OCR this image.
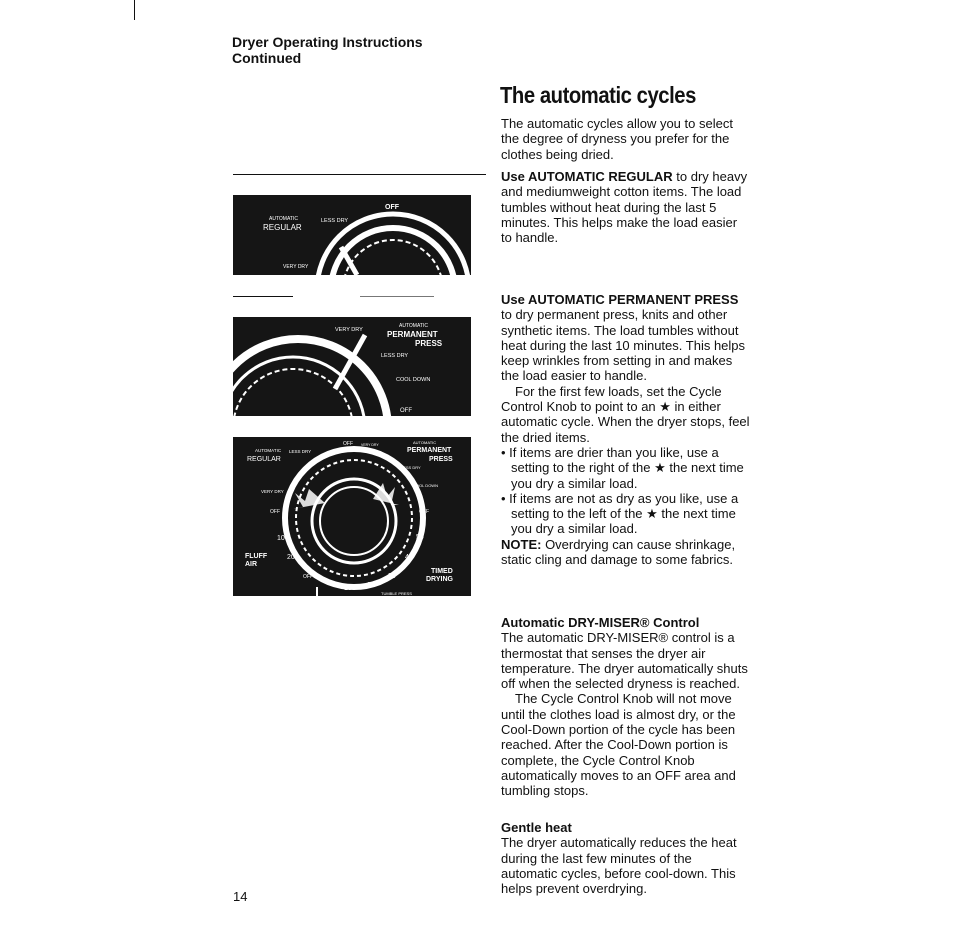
Dryer Operating Instructions
Continued
OFF
AUTOMATIC
REGULAR
LESS DRY
VERY DRY
VERY DRY
AUTOMATIC
PERMANENT
PRESS
LESS DRY
COOL DOWN
OFF
AUTOMATIC
REGULAR
LESS DRY
OFF VERY DRY	AUTOMATIC
PERMANENT
PRESS
LESS DRY
VERY DRY
COOL DOWN
OFF	OFF
10	50
FLUFF
AIR
20	40
OFF	30
TIMED
DRYING
10 20
TUMBLE PRESS
The automatic cycles

The automatic cycles allow you to select the degree of dryness you prefer for the clothes being dried.

Use AUTOMATIC REGULAR to dry heavy and mediumweight cotton items. The load tumbles without heat during the last 5 minutes. This helps make the load easier to handle.

Use AUTOMATIC PERMANENT PRESS to dry permanent press, knits and other synthetic items. The load tumbles without heat during the last 10 minutes. This helps keep wrinkles from setting in and makes the load easier to handle.

For the first few loads, set the Cycle Control Knob to point to an ★ in either automatic cycle. When the dryer stops, feel the dried items.

• If items are drier than you like, use a setting to the right of the ★ the next time you dry a similar load.

• If items are not as dry as you like, use a setting to the left of the ★ the next time you dry a similar load.

NOTE: Overdrying can cause shrinkage, static cling and damage to some fabrics.

Automatic DRY-MISER® Control

The automatic DRY-MISER® control is a thermostat that senses the dryer air temperature. The dryer automatically shuts off when the selected dryness is reached.

The Cycle Control Knob will not move until the clothes load is almost dry, or the Cool-Down portion of the cycle has been reached. After the Cool-Down portion is complete, the Cycle Control Knob automatically moves to an OFF area and tumbling stops.

Gentle heat

The dryer automatically reduces the heat during the last few minutes of the automatic cycles, before cool-down. This helps prevent overdrying.

14
